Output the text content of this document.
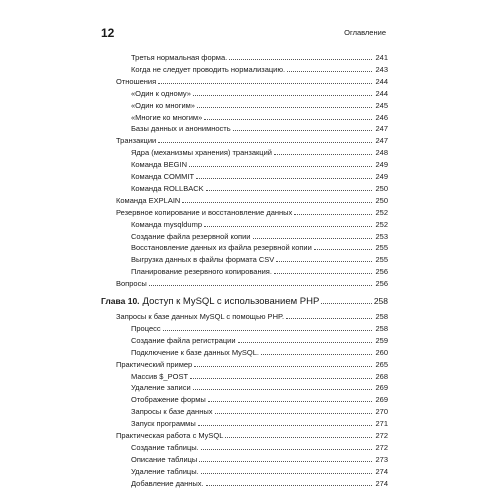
12	Оглавление
Третья нормальная форма.	241
Когда не следует проводить нормализацию.	243
Отношения	244
«Один к одному»	244
«Один ко многим»	245
«Многие ко многим»	246
Базы данных и анонимность	247
Транзакции	247
Ядра (механизмы хранения) транзакций	248
Команда BEGIN	249
Команда COMMIT	249
Команда ROLLBACK	250
Команда EXPLAIN	250
Резервное копирование и восстановление данных	252
Команда mysqldump	252
Создание файла резервной копии	253
Восстановление данных из файла резервной копии	255
Выгрузка данных в файлы формата CSV	255
Планирование резервного копирования.	256
Вопросы	256
Глава 10. Доступ к MySQL с использованием PHP	258
Запросы к базе данных MySQL с помощью PHP.	258
Процесс	258
Создание файла регистрации	259
Подключение к базе данных MySQL.	260
Практический пример	265
Массив $_POST	268
Удаление записи	269
Отображение формы	269
Запросы к базе данных	270
Запуск программы	271
Практическая работа с MySQL	272
Создание таблицы.	272
Описание таблицы	273
Удаление таблицы.	274
Добавление данных.	274
